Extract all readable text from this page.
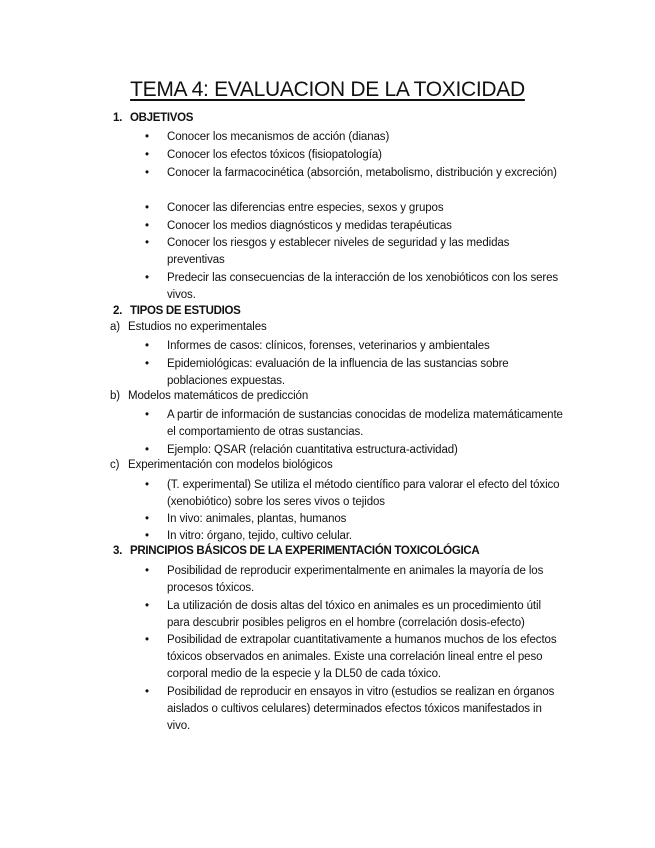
TEMA 4: EVALUACION DE LA TOXICIDAD
1. OBJETIVOS
• Conocer los mecanismos de acción (dianas)
• Conocer los efectos tóxicos (fisiopatología)
• Conocer la farmacocinética (absorción, metabolismo, distribución y excreción)
• Conocer las diferencias entre especies, sexos y grupos
• Conocer los medios diagnósticos y medidas terapéuticas
• Conocer los riesgos y establecer niveles de seguridad y las medidas preventivas
• Predecir las consecuencias de la interacción de los xenobióticos con los seres vivos.
2. TIPOS DE ESTUDIOS
a) Estudios no experimentales
• Informes de casos: clínicos, forenses, veterinarios y ambientales
• Epidemiológicas: evaluación de la influencia de las sustancias sobre poblaciones expuestas.
b) Modelos matemáticos de predicción
• A partir de información de sustancias conocidas de modeliza matemáticamente el comportamiento de otras sustancias.
• Ejemplo: QSAR (relación cuantitativa estructura-actividad)
c) Experimentación con modelos biológicos
• (T. experimental) Se utiliza el método científico para valorar el efecto del tóxico (xenobiótico) sobre los seres vivos o tejidos
• In vivo: animales, plantas, humanos
• In vitro: órgano, tejido, cultivo celular.
3. PRINCIPIOS BÁSICOS DE LA EXPERIMENTACIÓN TOXICOLÓGICA
• Posibilidad de reproducir experimentalmente en animales la mayoría de los procesos tóxicos.
• La utilización de dosis altas del tóxico en animales es un procedimiento útil para descubrir posibles peligros en el hombre (correlación dosis-efecto)
• Posibilidad de extrapolar cuantitativamente a humanos muchos de los efectos tóxicos observados en animales. Existe una correlación lineal entre el peso corporal medio de la especie y la DL50 de cada tóxico.
• Posibilidad de reproducir en ensayos in vitro (estudios se realizan en órganos aislados o cultivos celulares) determinados efectos tóxicos manifestados in vivo.
